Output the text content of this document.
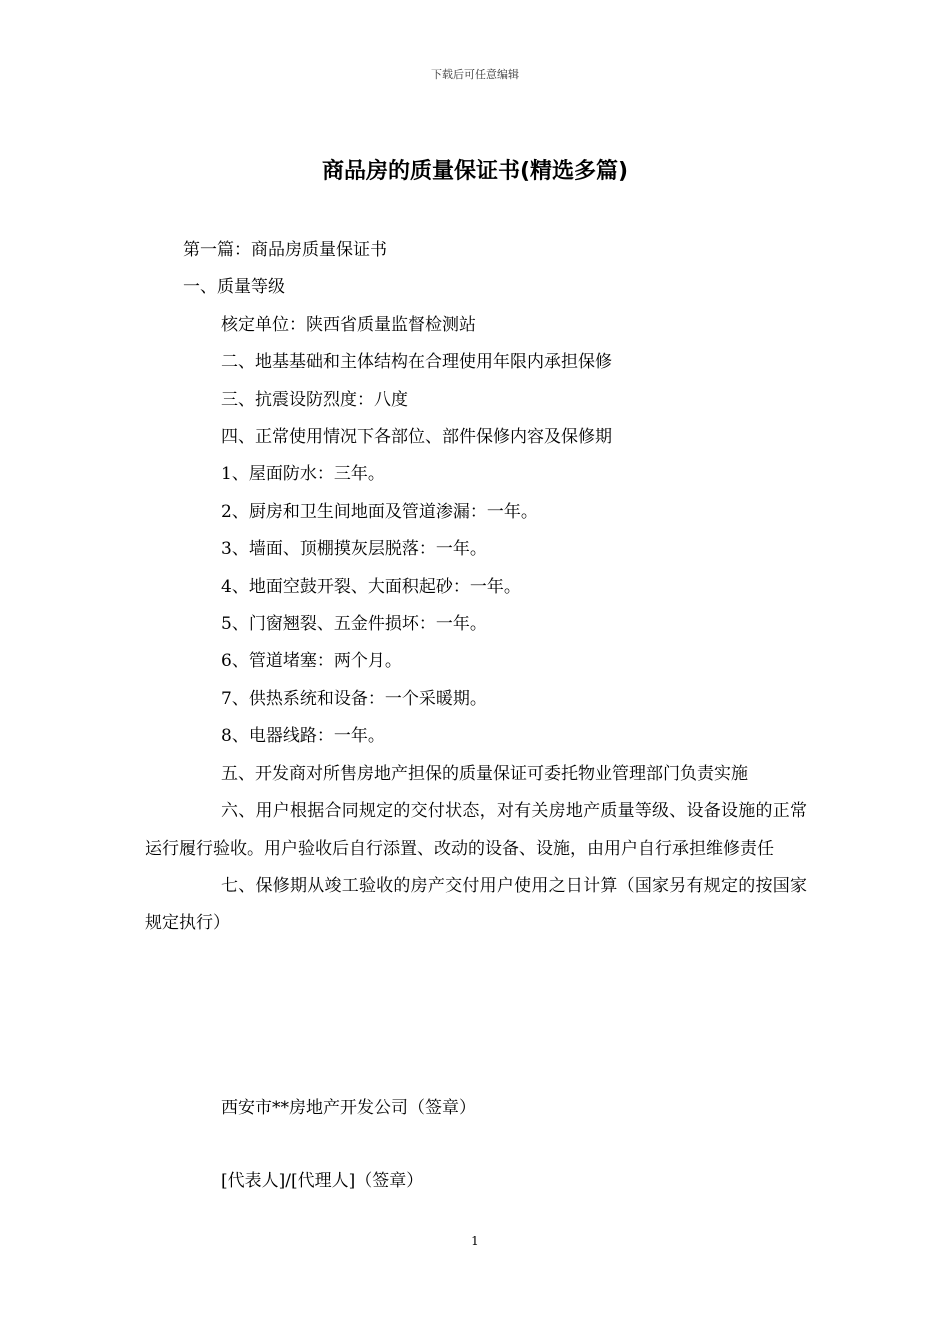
下载后可任意编辑
商品房的质量保证书(精选多篇)
第一篇：商品房质量保证书
一、质量等级
核定单位：陕西省质量监督检测站
二、地基基础和主体结构在合理使用年限内承担保修
三、抗震设防烈度：八度
四、正常使用情况下各部位、部件保修内容及保修期
1、屋面防水：三年。
2、厨房和卫生间地面及管道渗漏：一年。
3、墙面、顶棚摸灰层脱落：一年。
4、地面空鼓开裂、大面积起砂：一年。
5、门窗翘裂、五金件损坏：一年。
6、管道堵塞：两个月。
7、供热系统和设备：一个采暖期。
8、电器线路：一年。
五、开发商对所售房地产担保的质量保证可委托物业管理部门负责实施
六、用户根据合同规定的交付状态，对有关房地产质量等级、设备设施的正常运行履行验收。用户验收后自行添置、改动的设备、设施，由用户自行承担维修责任
七、保修期从竣工验收的房产交付用户使用之日计算（国家另有规定的按国家规定执行）
西安市**房地产开发公司（签章）
[代表人]/[代理人]（签章）
1
